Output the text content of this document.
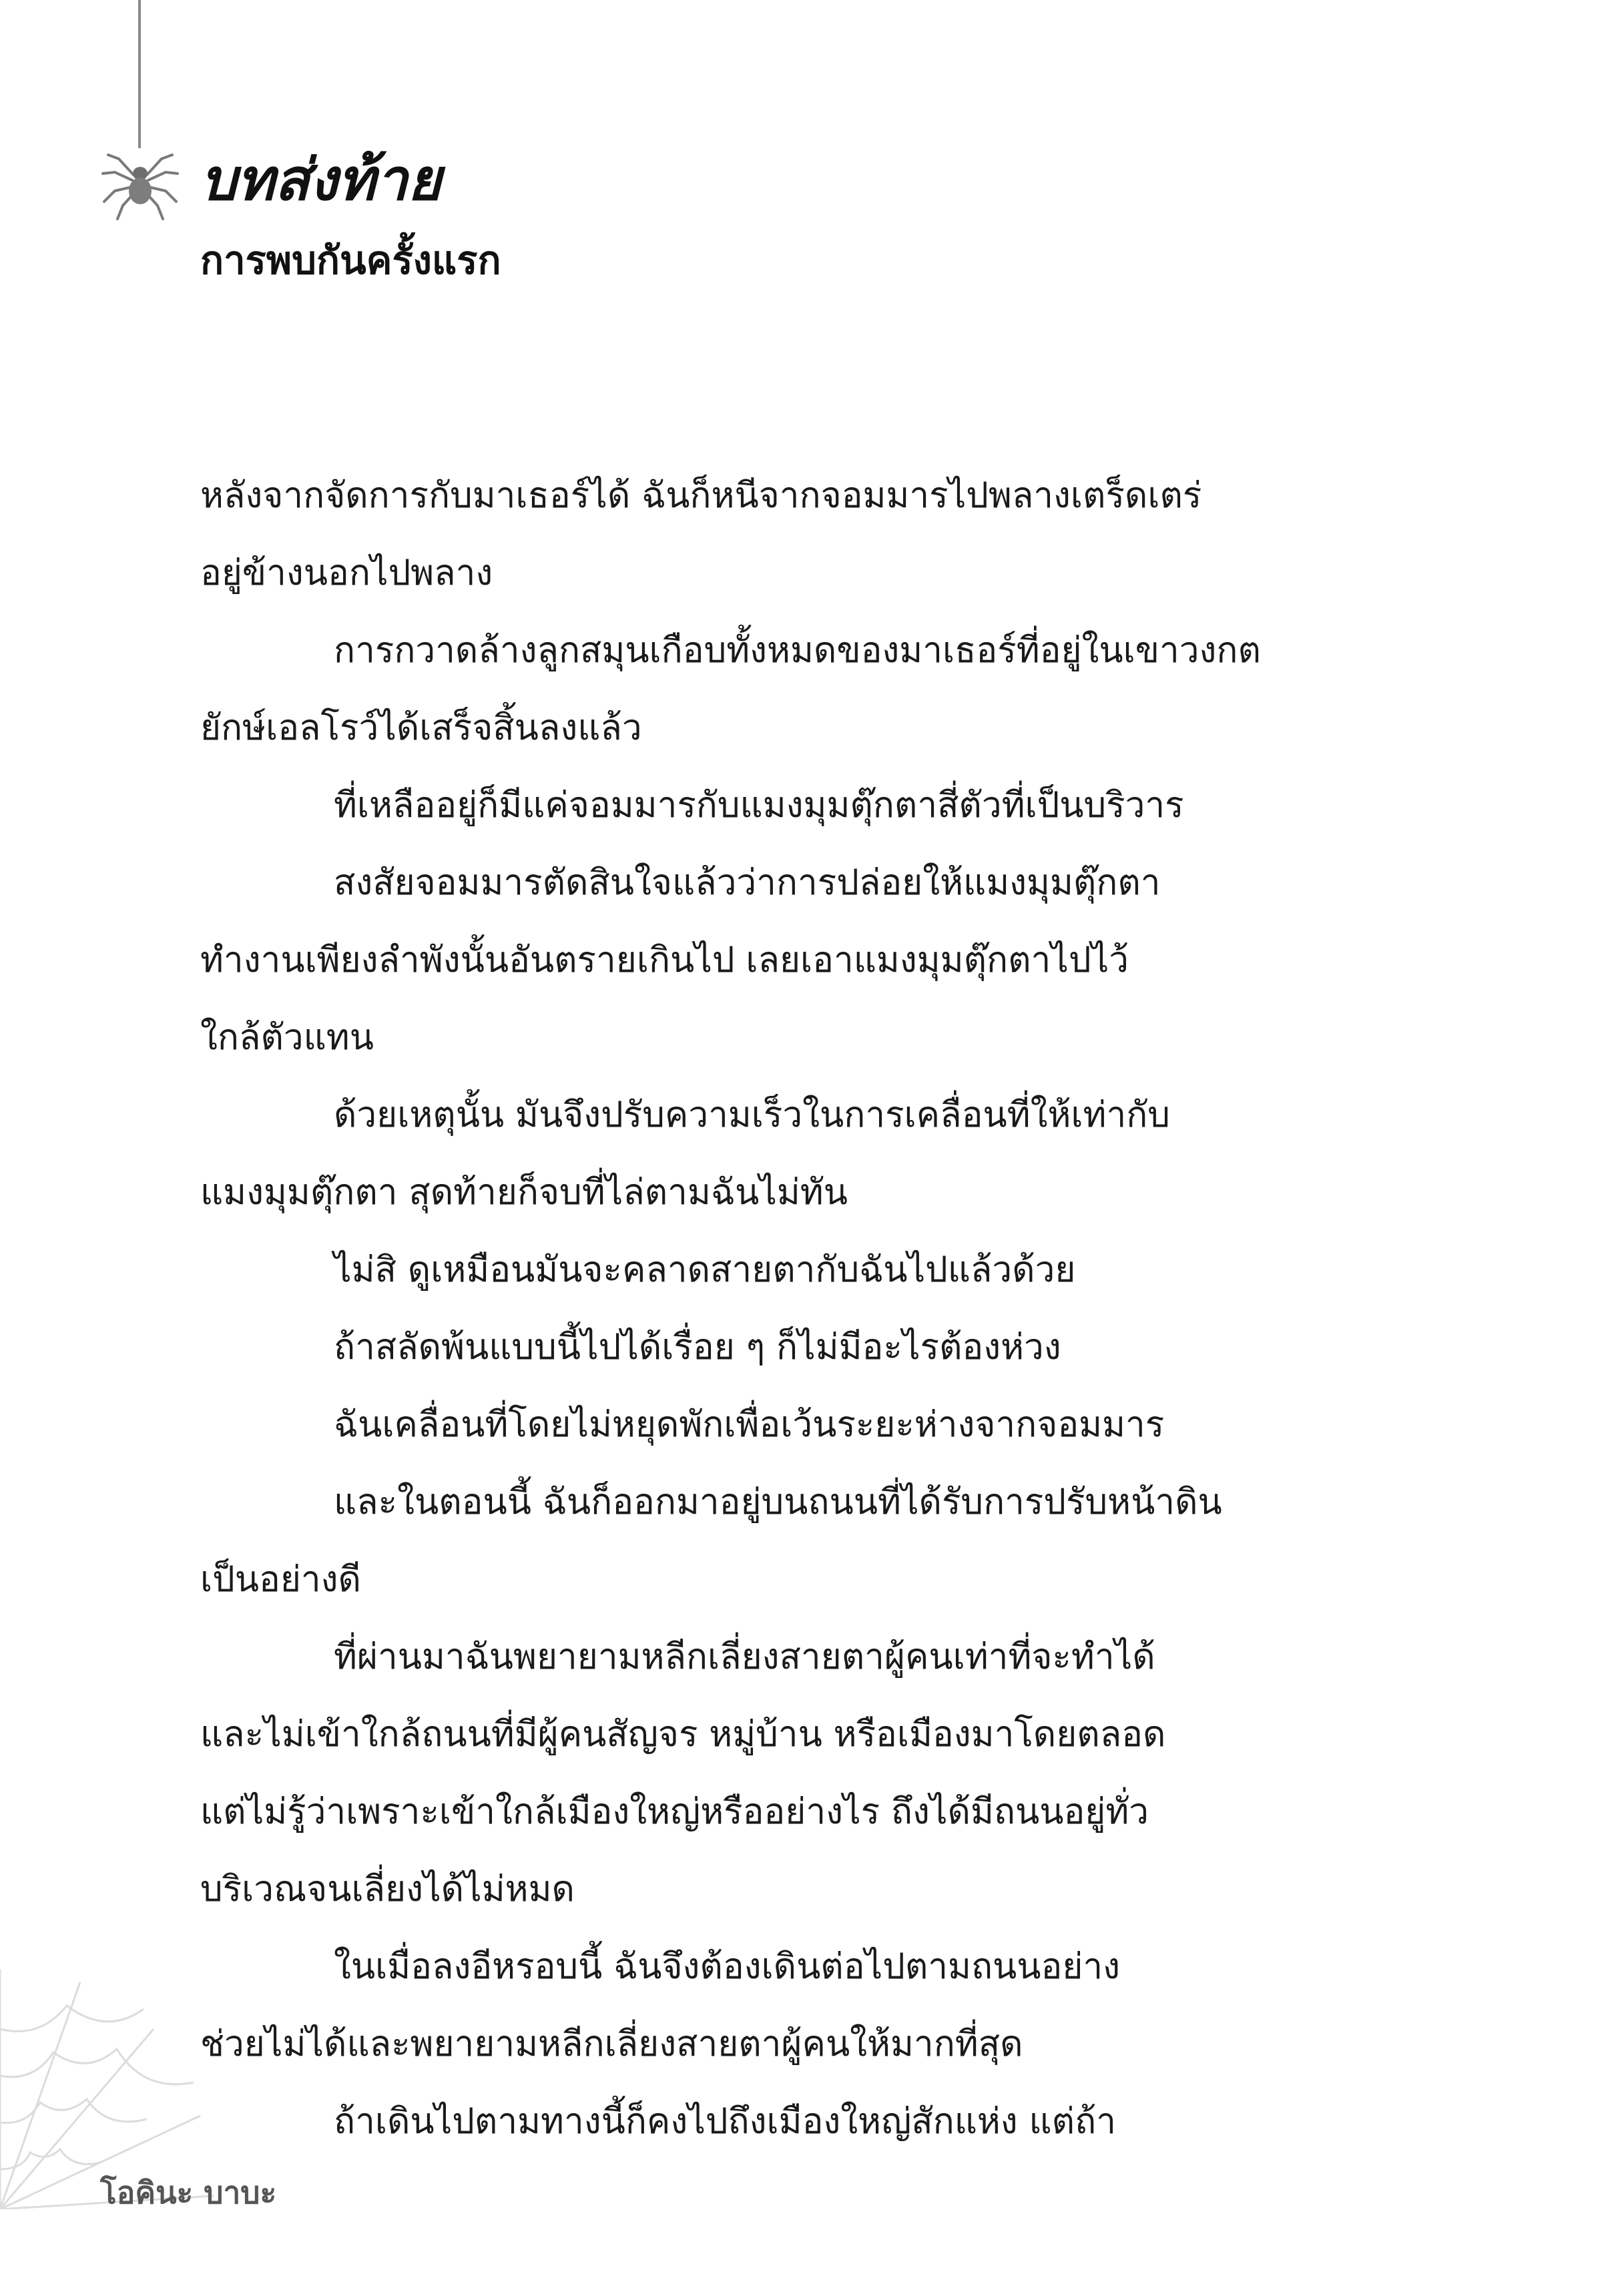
บทส่งท้าย
การพบกันครั้งแรก
หลังจากจัดการกับมาเธอร์ได้ ฉันก็หนีจากจอมมารไปพลางเตร็ดเตร่
อยู่ข้างนอกไปพลาง
การกวาดล้างลูกสมุนเกือบทั้งหมดของมาเธอร์ที่อยู่ในเขาวงกต
ยักษ์เอลโรว์ได้เสร็จสิ้นลงแล้ว
ที่เหลืออยู่ก็มีแค่จอมมารกับแมงมุมตุ๊กตาสี่ตัวที่เป็นบริวาร
สงสัยจอมมารตัดสินใจแล้วว่าการปล่อยให้แมงมุมตุ๊กตา
ทำงานเพียงลำพังนั้นอันตรายเกินไป เลยเอาแมงมุมตุ๊กตาไปไว้
ใกล้ตัวแทน
ด้วยเหตุนั้น มันจึงปรับความเร็วในการเคลื่อนที่ให้เท่ากับ
แมงมุมตุ๊กตา สุดท้ายก็จบที่ไล่ตามฉันไม่ทัน
ไม่สิ ดูเหมือนมันจะคลาดสายตากับฉันไปแล้วด้วย
ถ้าสลัดพ้นแบบนี้ไปได้เรื่อย ๆ ก็ไม่มีอะไรต้องห่วง
ฉันเคลื่อนที่โดยไม่หยุดพักเพื่อเว้นระยะห่างจากจอมมาร
และในตอนนี้ ฉันก็ออกมาอยู่บนถนนที่ได้รับการปรับหน้าดิน
เป็นอย่างดี
ที่ผ่านมาฉันพยายามหลีกเลี่ยงสายตาผู้คนเท่าที่จะทำได้
และไม่เข้าใกล้ถนนที่มีผู้คนสัญจร หมู่บ้าน หรือเมืองมาโดยตลอด
แต่ไม่รู้ว่าเพราะเข้าใกล้เมืองใหญ่หรืออย่างไร ถึงได้มีถนนอยู่ทั่ว
บริเวณจนเลี่ยงได้ไม่หมด
ในเมื่อลงอีหรอบนี้ ฉันจึงต้องเดินต่อไปตามถนนอย่าง
ช่วยไม่ได้และพยายามหลีกเลี่ยงสายตาผู้คนให้มากที่สุด
ถ้าเดินไปตามทางนี้ก็คงไปถึงเมืองใหญ่สักแห่ง แต่ถ้า
โอคินะ บาบะ
